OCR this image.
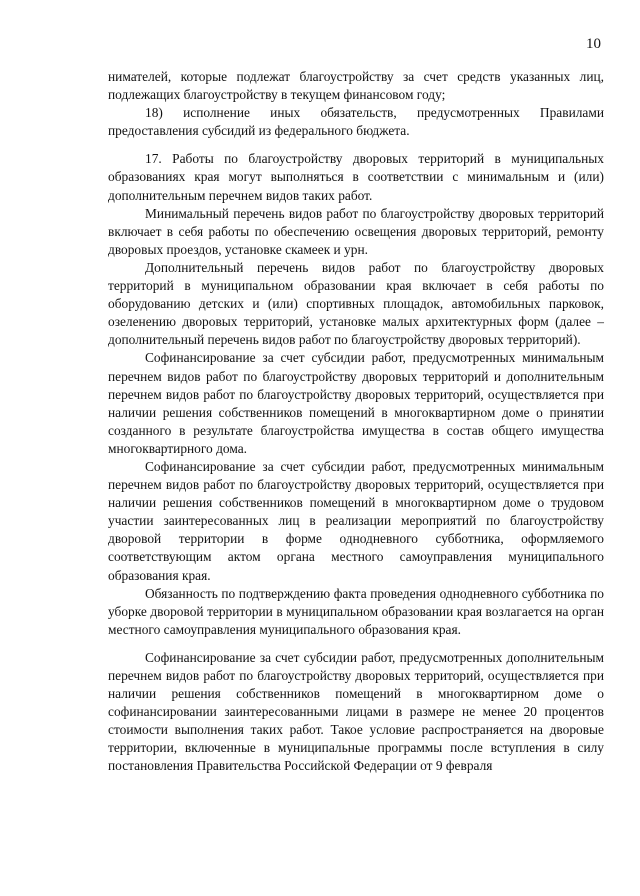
10

нимателей, которые подлежат благоустройству за счет средств указанных лиц, подлежащих благоустройству в текущем финансовом году;

18) исполнение иных обязательств, предусмотренных Правилами предоставления субсидий из федерального бюджета.

17. Работы по благоустройству дворовых территорий в муниципальных образованиях края могут выполняться в соответствии с минимальным и (или) дополнительным перечнем видов таких работ.

Минимальный перечень видов работ по благоустройству дворовых территорий включает в себя работы по обеспечению освещения дворовых территорий, ремонту дворовых проездов, установке скамеек и урн.

Дополнительный перечень видов работ по благоустройству дворовых территорий в муниципальном образовании края включает в себя работы по оборудованию детских и (или) спортивных площадок, автомобильных парковок, озеленению дворовых территорий, установке малых архитектурных форм (далее – дополнительный перечень видов работ по благоустройству дворовых территорий).

Софинансирование за счет субсидии работ, предусмотренных минимальным перечнем видов работ по благоустройству дворовых территорий и дополнительным перечнем видов работ по благоустройству дворовых территорий, осуществляется при наличии решения собственников помещений в многоквартирном доме о принятии созданного в результате благоустройства имущества в состав общего имущества многоквартирного дома.

Софинансирование за счет субсидии работ, предусмотренных минимальным перечнем видов работ по благоустройству дворовых территорий, осуществляется при наличии решения собственников помещений в многоквартирном доме о трудовом участии заинтересованных лиц в реализации мероприятий по благоустройству дворовой территории в форме однодневного субботника, оформляемого соответствующим актом органа местного самоуправления муниципального образования края.

Обязанность по подтверждению факта проведения однодневного субботника по уборке дворовой территории в муниципальном образовании края возлагается на орган местного самоуправления муниципального образования края.

Софинансирование за счет субсидии работ, предусмотренных дополнительным перечнем видов работ по благоустройству дворовых территорий, осуществляется при наличии решения собственников помещений в многоквартирном доме о софинансировании заинтересованными лицами в размере не менее 20 процентов стоимости выполнения таких работ. Такое условие распространяется на дворовые территории, включенные в муниципальные программы после вступления в силу постановления Правительства Российской Федерации от 9 февраля
